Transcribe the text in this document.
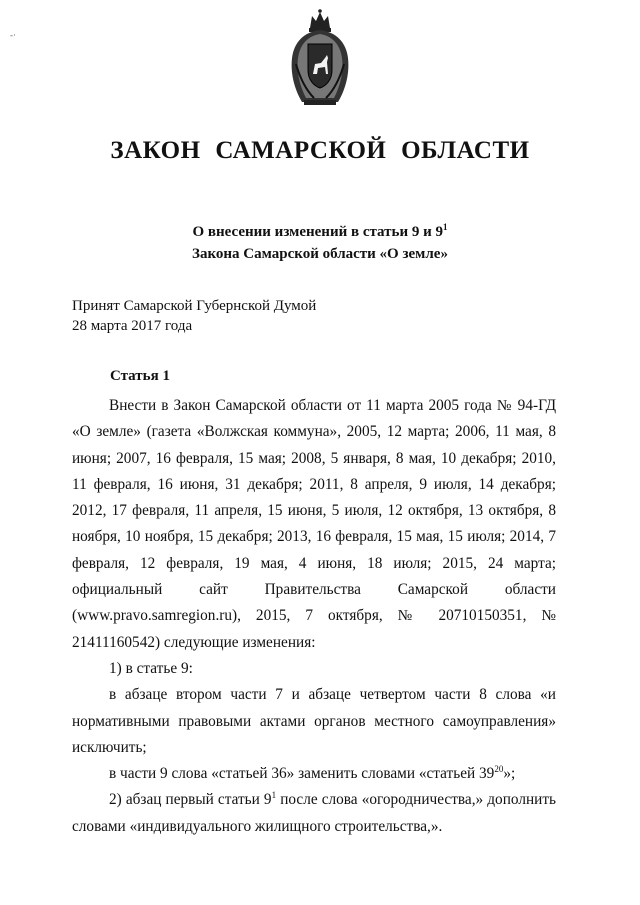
-·
ЗАКОН САМАРСКОЙ ОБЛАСТИ
О внесении изменений в статьи 9 и $9^1$
Закона Самарской области «О земле»
Принят Самарской Губернской Думой
28 марта 2017 года
Статья 1

Внести в Закон Самарской области от 11 марта 2005 года № 94-ГД «О земле» (газета «Волжская коммуна», 2005, 12 марта; 2006, 11 мая, 8 июня; 2007, 16 февраля, 15 мая; 2008, 5 января, 8 мая, 10 декабря; 2010, 11 февраля, 16 июня, 31 декабря; 2011, 8 апреля, 9 июля, 14 декабря; 2012, 17 февраля, 11 апреля, 15 июня, 5 июля, 12 октября, 13 октября, 8 ноября, 10 ноября, 15 декабря; 2013, 16 февраля, 15 мая, 15 июля; 2014, 7 февраля, 12 февраля, 19 мая, 4 июня, 18 июля; 2015, 24 марта; официальный сайт Правительства Самарской области (www.pravo.samregion.ru), 2015, 7 октября, № 20710150351, № 21411160542) следующие изменения:

1) в статье 9:

в абзаце втором части 7 и абзаце четвертом части 8 слова «и нормативными правовыми актами органов местного самоуправления» исключить;

в части 9 слова «статьей 36» заменить словами «статьей $39^{20}$»;

2) абзац первый статьи $9^1$ после слова «огородничества,» дополнить словами «индивидуального жилищного строительства,».
